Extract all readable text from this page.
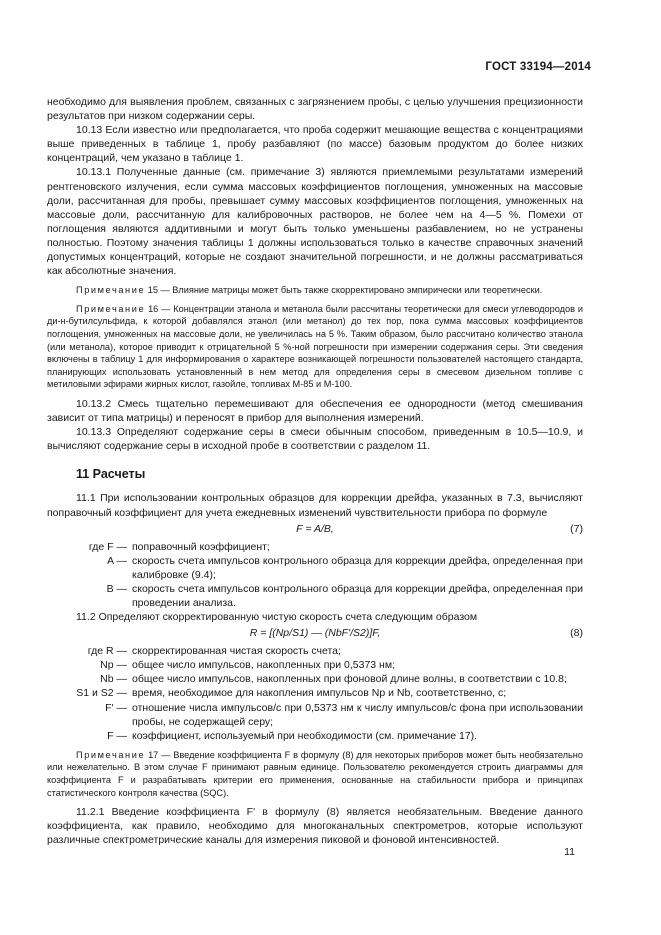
ГОСТ 33194—2014

необходимо для выявления проблем, связанных с загрязнением пробы, с целью улучшения прецизионности результатов при низком содержании серы.

10.13 Если известно или предполагается, что проба содержит мешающие вещества с концентрациями выше приведенных в таблице 1, пробу разбавляют (по массе) базовым продуктом до более низких концентраций, чем указано в таблице 1.

10.13.1 Полученные данные (см. примечание 3) являются приемлемыми результатами измерений рентгеновского излучения, если сумма массовых коэффициентов поглощения, умноженных на массовые доли, рассчитанная для пробы, превышает сумму массовых коэффициентов поглощения, умноженных на массовые доли, рассчитанную для калибровочных растворов, не более чем на 4—5 %. Помехи от поглощения являются аддитивными и могут быть только уменьшены разбавлением, но не устранены полностью. Поэтому значения таблицы 1 должны использоваться только в качестве справочных значений допустимых концентраций, которые не создают значительной погрешности, и не должны рассматриваться как абсолютные значения.

Примечание 15 — Влияние матрицы может быть также скорректировано эмпирически или теоретически.

Примечание 16 — Концентрации этанола и метанола были рассчитаны теоретически для смеси углеводородов и ди-н-бутилсульфида, к которой добавлялся этанол (или метанол) до тех пор, пока сумма массовых коэффициентов поглощения, умноженных на массовые доли, не увеличилась на 5 %. Таким образом, было рассчитано количество этанола (или метанола), которое приводит к отрицательной 5 %-ной погрешности при измерении содержания серы. Эти сведения включены в таблицу 1 для информирования о характере возникающей погрешности пользователей настоящего стандарта, планирующих использовать установленный в нем метод для определения серы в смесевом дизельном топливе с метиловыми эфирами жирных кислот, газойле, топливах М-85 и М-100.

10.13.2 Смесь тщательно перемешивают для обеспечения ее однородности (метод смешивания зависит от типа матрицы) и переносят в прибор для выполнения измерений.

10.13.3 Определяют содержание серы в смеси обычным способом, приведенным в 10.5—10.9, и вычисляют содержание серы в исходной пробе в соответствии с разделом 11.

11 Расчеты

11.1 При использовании контрольных образцов для коррекции дрейфа, указанных в 7.3, вычисляют поправочный коэффициент для учета ежедневных изменений чувствительности прибора по формуле

F = A/B,	(7)
где F — поправочный коэффициент;
A — скорость счета импульсов контрольного образца для коррекции дрейфа, определенная при калибровке (9.4);
B — скорость счета импульсов контрольного образца для коррекции дрейфа, определенная при проведении анализа.

11.2 Определяют скорректированную чистую скорость счета следующим образом

R = [(Np/S1) — (NbF'/S2)]F,	(8)
где R — скорректированная чистая скорость счета;
Np — общее число импульсов, накопленных при 0,5373 нм;
Nb — общее число импульсов, накопленных при фоновой длине волны, в соответствии с 10.8;
S1 и S2 — время, необходимое для накопления импульсов Np и Nb, соответственно, с;
F' — отношение числа импульсов/с при 0,5373 нм к числу импульсов/с фона при использовании пробы, не содержащей серу;
F — коэффициент, используемый при необходимости (см. примечание 17).

Примечание 17 — Введение коэффициента F в формулу (8) для некоторых приборов может быть необязательно или нежелательно. В этом случае F принимают равным единице. Пользователю рекомендуется строить диаграммы для коэффициента F и разрабатывать критерии его применения, основанные на стабильности прибора и принципах статистического контроля качества (SQC).

11.2.1 Введение коэффициента F' в формулу (8) является необязательным. Введение данного коэффициента, как правило, необходимо для многоканальных спектрометров, которые используют различные спектрометрические каналы для измерения пиковой и фоновой интенсивностей.

11
